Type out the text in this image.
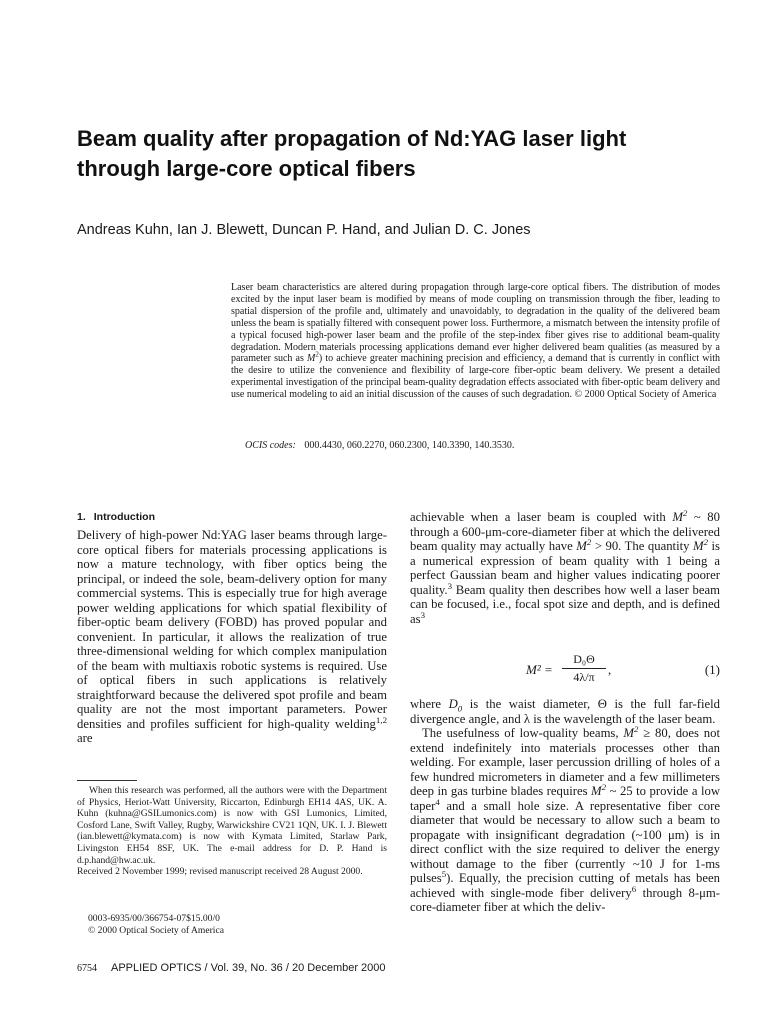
Beam quality after propagation of Nd:YAG laser light
through large-core optical fibers
Andreas Kuhn, Ian J. Blewett, Duncan P. Hand, and Julian D. C. Jones

Laser beam characteristics are altered during propagation through large-core optical fibers. The distribution of modes excited by the input laser beam is modified by means of mode coupling on transmission through the fiber, leading to spatial dispersion of the profile and, ultimately and unavoidably, to degradation in the quality of the delivered beam unless the beam is spatially filtered with consequent power loss. Furthermore, a mismatch between the intensity profile of a typical focused high-power laser beam and the profile of the step-index fiber gives rise to additional beam-quality degradation. Modern materials processing applications demand ever higher delivered beam qualities (as measured by a parameter such as $M^2$) to achieve greater machining precision and efficiency, a demand that is currently in conflict with the desire to utilize the convenience and flexibility of large-core fiber-optic beam delivery. We present a detailed experimental investigation of the principal beam-quality degradation effects associated with fiber-optic beam delivery and use numerical modeling to aid an initial discussion of the causes of such degradation. © 2000 Optical Society of America

OCIS codes: 000.4430, 060.2270, 060.2300, 140.3390, 140.3530.
1. Introduction

Delivery of high-power Nd:YAG laser beams through large-core optical fibers for materials processing applications is now a mature technology, with fiber optics being the principal, or indeed the sole, beam-delivery option for many commercial systems. This is especially true for high average power welding applications for which spatial flexibility of fiber-optic beam delivery (FOBD) has proved popular and convenient. In particular, it allows the realization of true three-dimensional welding for which complex manipulation of the beam with multiaxis robotic systems is required. Use of optical fibers in such applications is relatively straightforward because the delivered spot profile and beam quality are not the most important parameters. Power densities and profiles sufficient for high-quality welding$^{1,2}$ are

When this research was performed, all the authors were with the Department of Physics, Heriot-Watt University, Riccarton, Edinburgh EH14 4AS, UK. A. Kuhn (kuhna@GSILumonics.com) is now with GSI Lumonics, Limited, Cosford Lane, Swift Valley, Rugby, Warwickshire CV21 1QN, UK. I. J. Blewett (ian.blewett@kymata.com) is now with Kymata Limited, Starlaw Park, Livingston EH54 8SF, UK. The e-mail address for D. P. Hand is d.p.hand@hw.ac.uk.
Received 2 November 1999; revised manuscript received 28 August 2000.

0003-6935/00/366754-07$15.00/0
© 2000 Optical Society of America

achievable when a laser beam is coupled with $M^2$ ~ 80 through a 600-μm-core-diameter fiber at which the delivered beam quality may actually have $M^2 > 90$. The quantity $M^2$ is a numerical expression of beam quality with 1 being a perfect Gaussian beam and higher values indicating poorer quality.$^3$ Beam quality then describes how well a laser beam can be focused, i.e., focal spot size and depth, and is defined $as^3$

$M^2 = \frac{\text{D₀Θ}}{4\lambda/\pi}$ ,	(1)
where $D_0$ is the waist diameter, Θ is the full far-field divergence angle, and λ is the wavelength of the laser beam.
The usefulness of low-quality beams, $M^2 \ge 80$, does not extend indefinitely into materials processes other than welding. For example, laser percussion drilling of holes of a few hundred micrometers in diameter and a few millimeters deep in gas turbine blades requires $M^2$ ~ 25 to provide a low taper$^4$ and a small hole size. A representative fiber core diameter that would be necessary to allow such a beam to propagate with insignificant degradation (~100 μm) is in direct conflict with the size required to deliver the energy without damage to the fiber (currently ~10 J for 1-ms pulses$^5$). Equally, the precision cutting of metals has been achieved with single-mode fiber delivery$^6$ through 8-μm-core-diameter fiber at which the deliv-
6754 APPLIED OPTICS / Vol. 39, No. 36 / 20 December 2000
